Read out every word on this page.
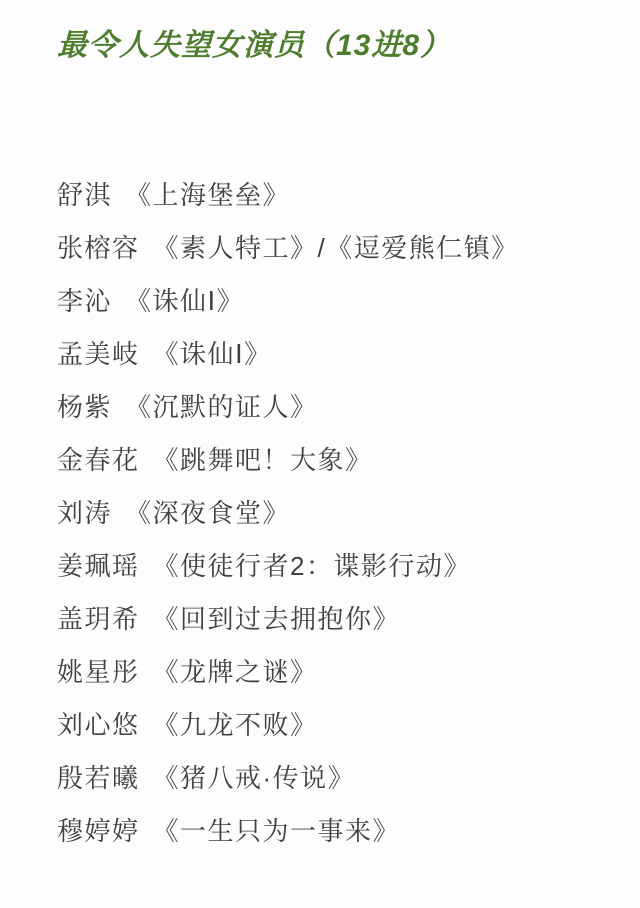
最令人失望女演员（13进8）
舒淇 《上海堡垒》
张榕容 《素人特工》/《逗爱熊仁镇》
李沁 《诛仙Ⅰ》
孟美岐 《诛仙Ⅰ》
杨紫 《沉默的证人》
金春花 《跳舞吧！大象》
刘涛 《深夜食堂》
姜珮瑶 《使徒行者2：谍影行动》
盖玥希 《回到过去拥抱你》
姚星彤 《龙牌之谜》
刘心悠 《九龙不败》
殷若曦 《猪八戒·传说》
穆婷婷 《一生只为一事来》
